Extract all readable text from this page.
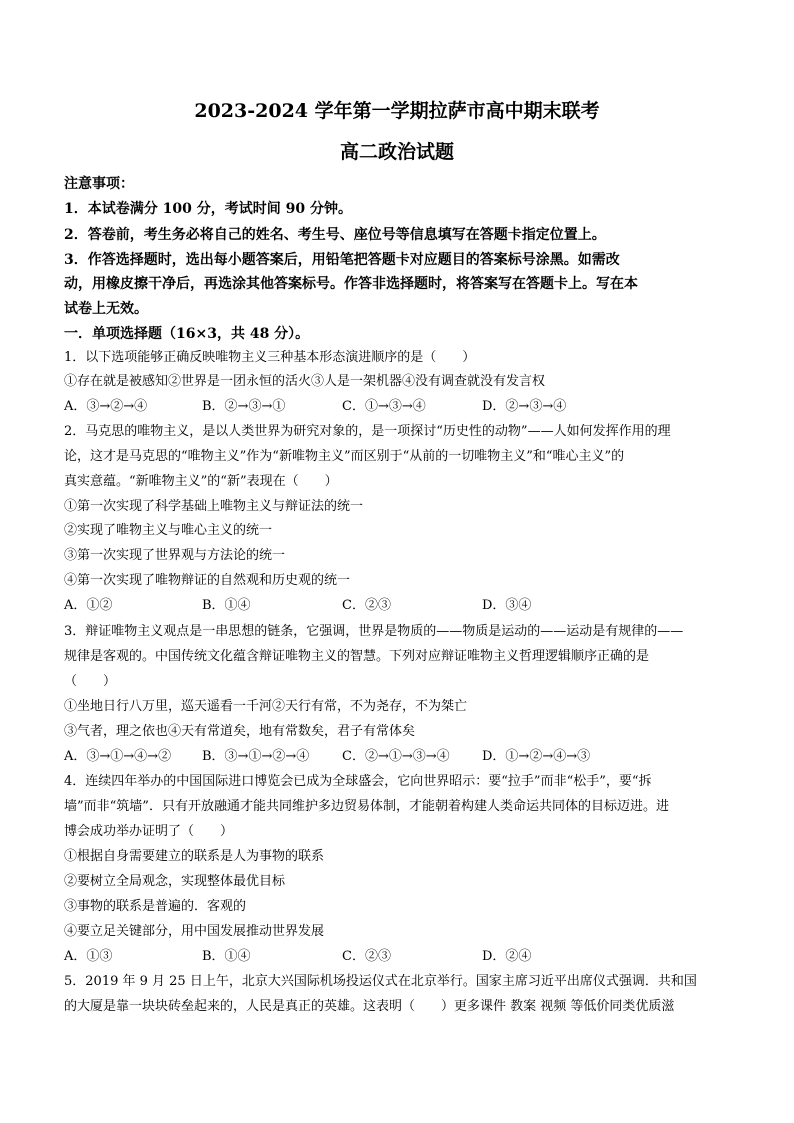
2023-2024 学年第一学期拉萨市高中期末联考
高二政治试题

注意事项：

1．本试卷满分 100 分，考试时间 90 分钟。

2．答卷前，考生务必将自己的姓名、考生号、座位号等信息填写在答题卡指定位置上。

3．作答选择题时，选出每小题答案后，用铅笔把答题卡对应题目的答案标号涂黑。如需改

动，用橡皮擦干净后，再选涂其他答案标号。作答非选择题时，将答案写在答题卡上。写在本

试卷上无效。

一．单项选择题（16×3，共 48 分）。

1．以下选项能够正确反映唯物主义三种基本形态演进顺序的是（　　）

①存在就是被感知②世界是一团永恒的活火③人是一架机器④没有调查就没有发言权

A．③→②→④	B．②→③→①	C．①→③→④	D．②→③→④

2．马克思的唯物主义，是以人类世界为研究对象的，是一项探讨“历史性的动物”——人如何发挥作用的理

论，这才是马克思的“唯物主义”作为“新唯物主义”而区别于“从前的一切唯物主义”和“唯心主义”的

真实意蕴。“新唯物主义”的“新”表现在（　　）

①第一次实现了科学基础上唯物主义与辩证法的统一

②实现了唯物主义与唯心主义的统一

③第一次实现了世界观与方法论的统一

④第一次实现了唯物辩证的自然观和历史观的统一

A．①②	B．①④	C．②③	D．③④

3．辩证唯物主义观点是一串思想的链条，它强调，世界是物质的——物质是运动的——运动是有规律的——

规律是客观的。中国传统文化蕴含辩证唯物主义的智慧。下列对应辩证唯物主义哲理逻辑顺序正确的是

（　　）

①坐地日行八万里，巡天遥看一千河②天行有常，不为尧存，不为桀亡

③气者，理之依也④天有常道矣，地有常数矣，君子有常体矣

A．③→①→④→② B．③→①→②→④	C．②→①→③→④ D．①→②→④→③

4．连续四年举办的中国国际进口博览会已成为全球盛会，它向世界昭示：要“拉手”而非“松手”，要“拆

墙”而非“筑墙”．只有开放融通才能共同维护多边贸易体制，才能朝着构建人类命运共同体的目标迈进。进

博会成功举办证明了（　　）

①根据自身需要建立的联系是人为事物的联系

②要树立全局观念，实现整体最优目标

③事物的联系是普遍的．客观的

④要立足关键部分，用中国发展推动世界发展

A．①③	B．①④	C．②③	D．②④

5．2019 年 9 月 25 日上午，北京大兴国际机场投运仪式在北京举行。国家主席习近平出席仪式强调．共和国

的大厦是靠一块块砖垒起来的，人民是真正的英雄。这表明（　　）更多课件 教案 视频 等低价同类优质滋
